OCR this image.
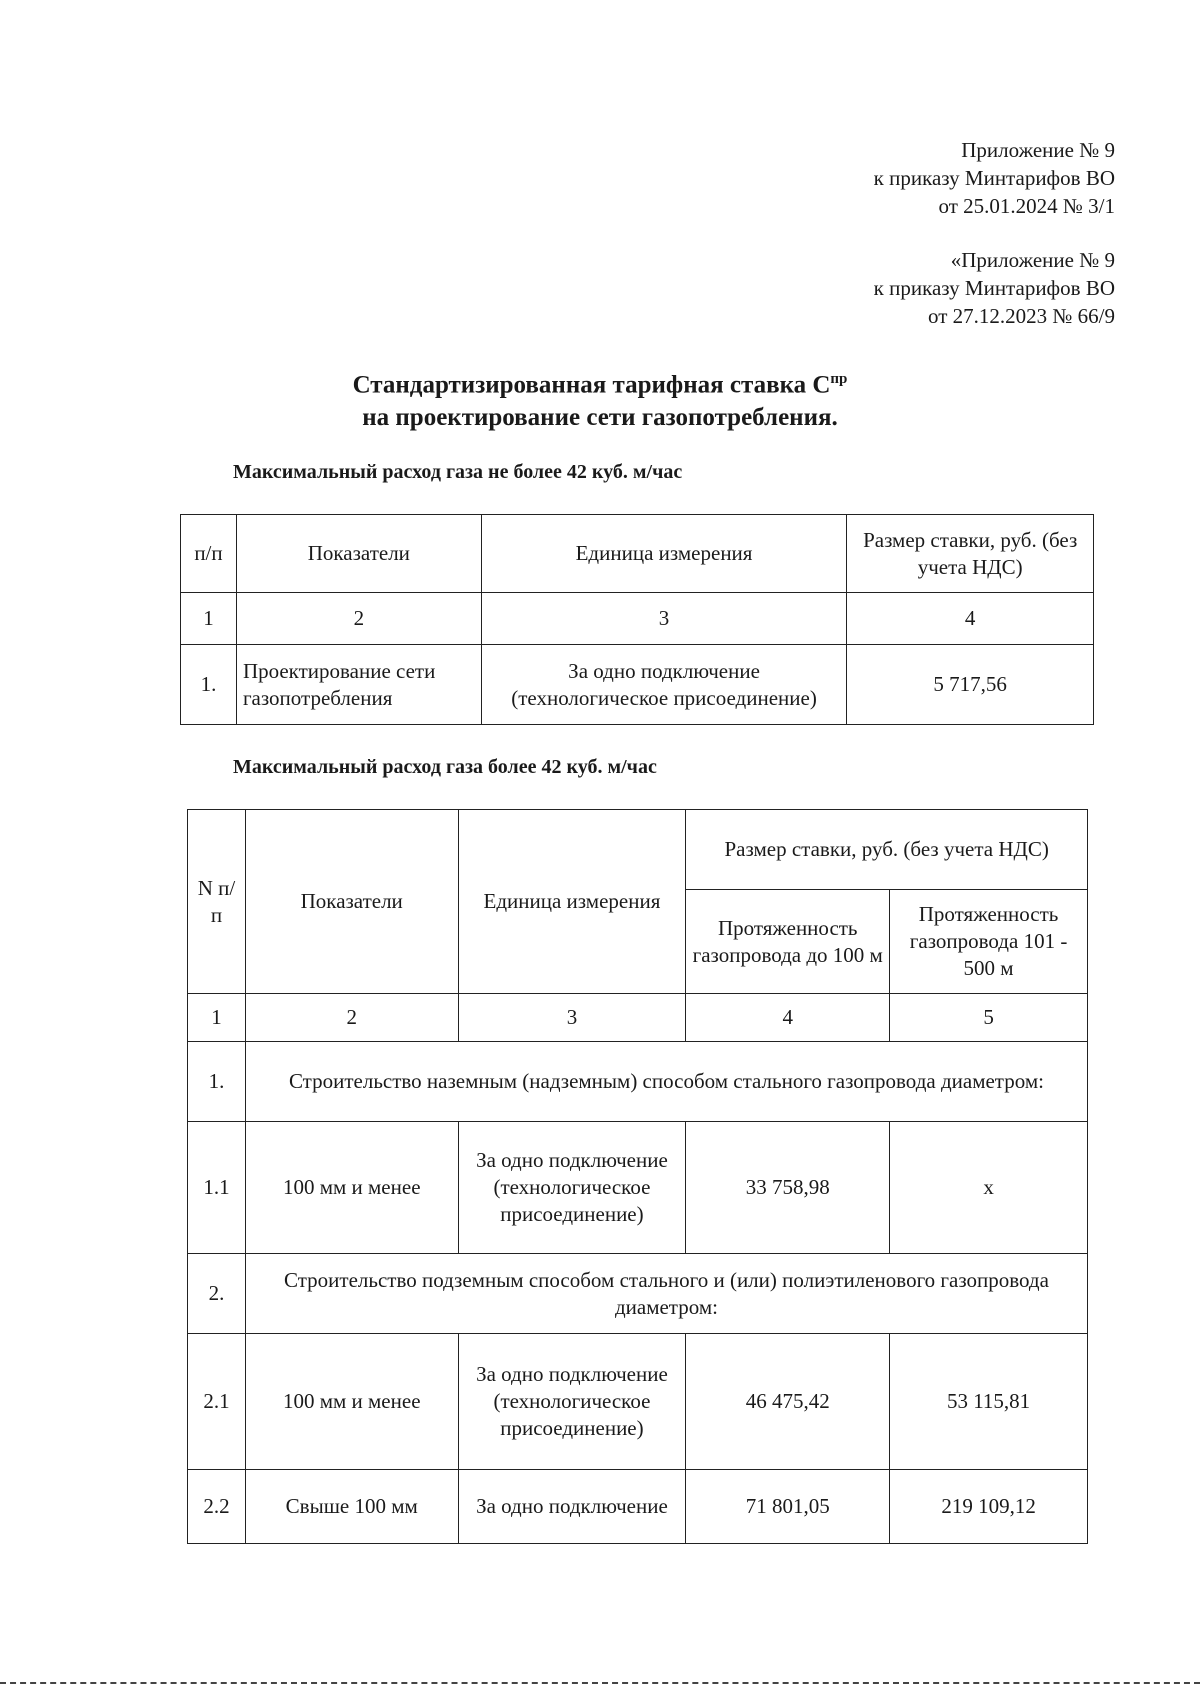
Приложение № 9
к приказу Минтарифов ВО
от 25.01.2024 № 3/1
«Приложение № 9
к приказу Минтарифов ВО
от 27.12.2023 № 66/9
Стандартизированная тарифная ставка $С^{пр}$
на проектирование сети газопотребления.
Максимальный расход газа не более 42 куб. м/час
п/п	Показатели	Единица измерения	Размер ставки, руб. (без учета НДС)
1	2	3	4
1.	Проектирование сети газопотребления	За одно подключение (технологическое присоединение)	5 717,56
Максимальный расход газа более 42 куб. м/час
N п/п	Показатели	Единица измерения	Размер ставки, руб. (без учета НДС)	
			Протяженность газопровода до 100 м	Протяженность газопровода 101 - 500 м
1	2	3	4	5
1.	Строительство наземным (надземным) способом стального газопровода диаметром:			
1.1	100 мм и менее	За одно подключение (технологическое присоединение)	33 758,98	х
2.	Строительство подземным способом стального и (или) полиэтиленового газопровода диаметром:			
2.1	100 мм и менее	За одно подключение (технологическое присоединение)	46 475,42	53 115,81
2.2	Свыше 100 мм	За одно подключение	71 801,05	219 109,12
